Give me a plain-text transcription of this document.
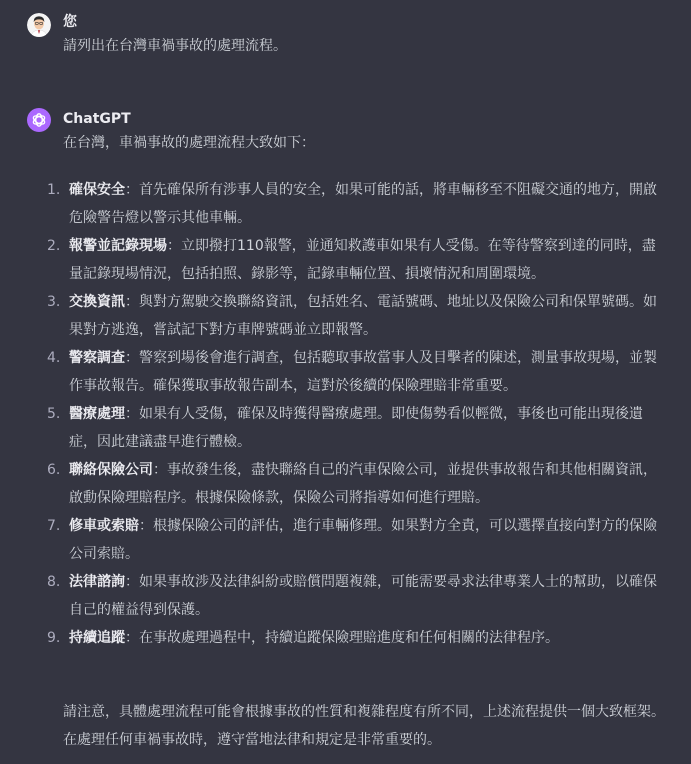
您
請列出在台灣車禍事故的處理流程。
ChatGPT
在台灣，車禍事故的處理流程大致如下：
1. 確保安全：首先確保所有涉事人員的安全，如果可能的話，將車輛移至不阻礙交通的地方，開啟危險警告燈以警示其他車輛。
2. 報警並記錄現場：立即撥打110報警，並通知救護車如果有人受傷。在等待警察到達的同時，盡量記錄現場情況，包括拍照、錄影等，記錄車輛位置、損壞情況和周圍環境。
3. 交換資訊：與對方駕駛交換聯絡資訊，包括姓名、電話號碼、地址以及保險公司和保單號碼。如果對方逃逸，嘗試記下對方車牌號碼並立即報警。
4. 警察調查：警察到場後會進行調查，包括聽取事故當事人及目擊者的陳述，測量事故現場，並製作事故報告。確保獲取事故報告副本，這對於後續的保險理賠非常重要。
5. 醫療處理：如果有人受傷，確保及時獲得醫療處理。即使傷勢看似輕微，事後也可能出現後遺症，因此建議盡早進行體檢。
6. 聯絡保險公司：事故發生後，盡快聯絡自己的汽車保險公司，並提供事故報告和其他相關資訊，啟動保險理賠程序。根據保險條款，保險公司將指導如何進行理賠。
7. 修車或索賠：根據保險公司的評估，進行車輛修理。如果對方全責，可以選擇直接向對方的保險公司索賠。
8. 法律諮詢：如果事故涉及法律糾紛或賠償問題複雜，可能需要尋求法律專業人士的幫助，以確保自己的權益得到保護。
9. 持續追蹤：在事故處理過程中，持續追蹤保險理賠進度和任何相關的法律程序。
請注意，具體處理流程可能會根據事故的性質和複雜程度有所不同，上述流程提供一個大致框架。在處理任何車禍事故時，遵守當地法律和規定是非常重要的。
